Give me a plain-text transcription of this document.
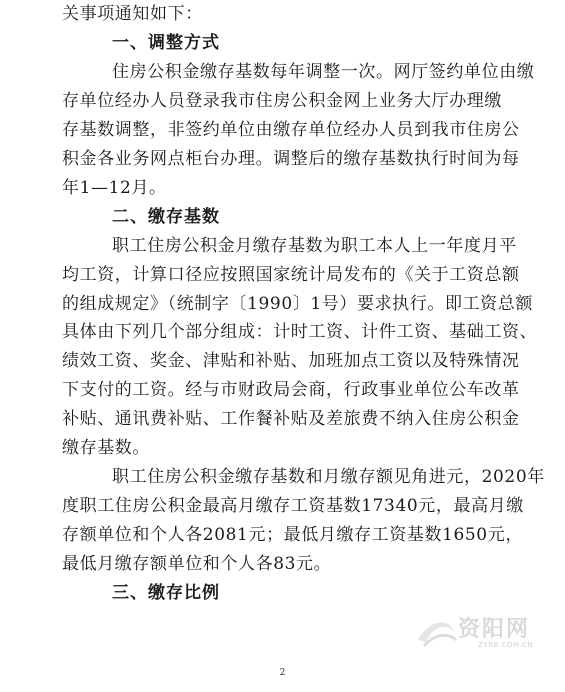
关事项通知如下：
一、调整方式
住房公积金缴存基数每年调整一次。网厅签约单位由缴
存单位经办人员登录我市住房公积金网上业务大厅办理缴
存基数调整，非签约单位由缴存单位经办人员到我市住房公
积金各业务网点柜台办理。调整后的缴存基数执行时间为每
年1—12月。
二、缴存基数
职工住房公积金月缴存基数为职工本人上一年度月平
均工资，计算口径应按照国家统计局发布的《关于工资总额
的组成规定》（统制字〔1990〕1号）要求执行。即工资总额
具体由下列几个部分组成：计时工资、计件工资、基础工资、
绩效工资、奖金、津贴和补贴、加班加点工资以及特殊情况
下支付的工资。经与市财政局会商，行政事业单位公车改革
补贴、通讯费补贴、工作餐补贴及差旅费不纳入住房公积金
缴存基数。
职工住房公积金缴存基数和月缴存额见角进元，2020年
度职工住房公积金最高月缴存工资基数17340元，最高月缴
存额单位和个人各2081元；最低月缴存工资基数1650元，
最低月缴存额单位和个人各83元。
三、缴存比例
资阳网
ZYRB.COM.CN
2
